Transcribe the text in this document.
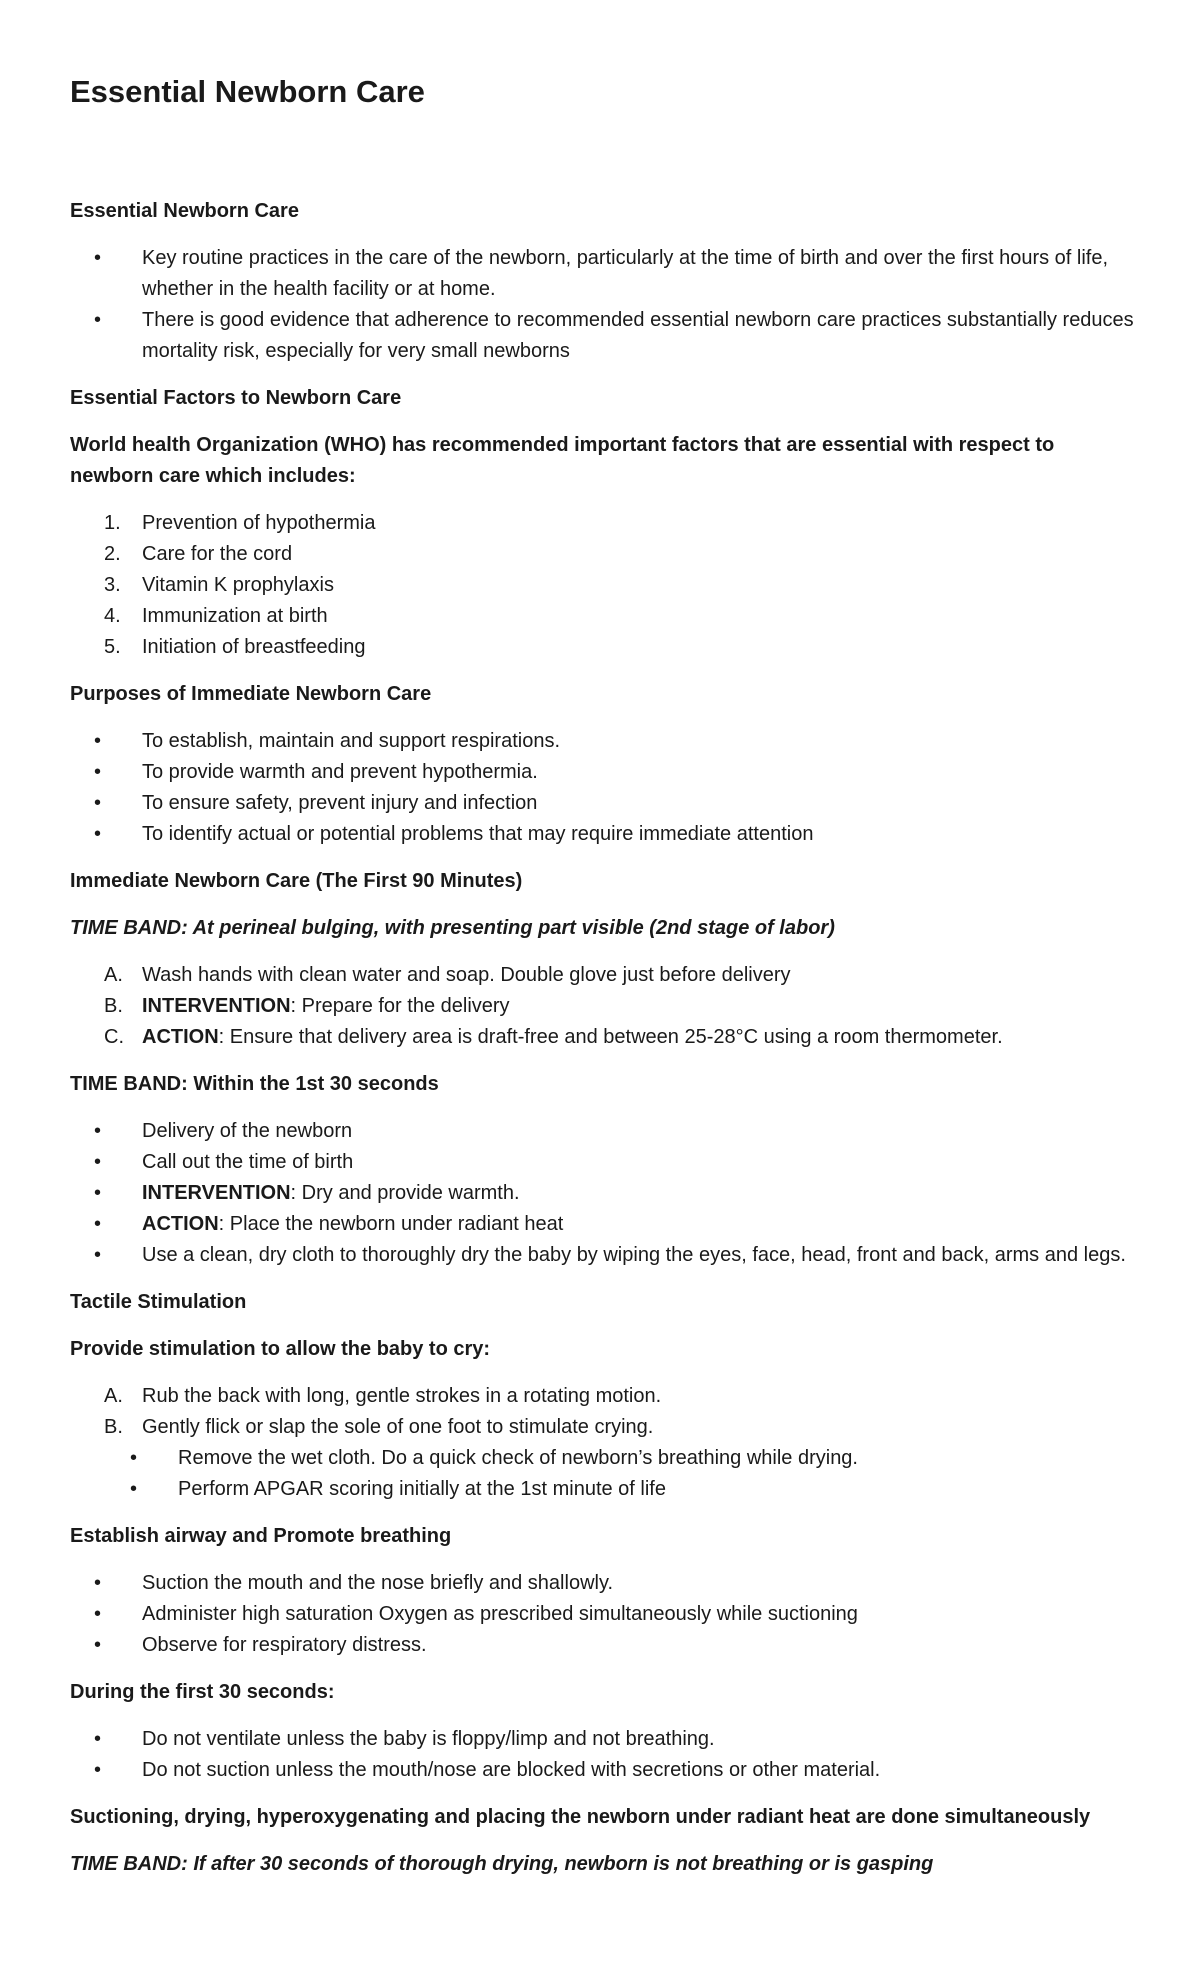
Essential Newborn Care

Essential Newborn Care

• Key routine practices in the care of the newborn, particularly at the time of birth and over the first hours of life, whether in the health facility or at home.
• There is good evidence that adherence to recommended essential newborn care practices substantially reduces mortality risk, especially for very small newborns

Essential Factors to Newborn Care

World health Organization (WHO) has recommended important factors that are essential with respect to newborn care which includes:

1. Prevention of hypothermia
2. Care for the cord
3. Vitamin K prophylaxis
4. Immunization at birth
5. Initiation of breastfeeding

Purposes of Immediate Newborn Care

• To establish, maintain and support respirations.
• To provide warmth and prevent hypothermia.
• To ensure safety, prevent injury and infection
• To identify actual or potential problems that may require immediate attention

Immediate Newborn Care (The First 90 Minutes)

TIME BAND: At perineal bulging, with presenting part visible (2nd stage of labor)

A. Wash hands with clean water and soap. Double glove just before delivery
B. INTERVENTION: Prepare for the delivery
C. ACTION: Ensure that delivery area is draft-free and between 25-28°C using a room thermometer.

TIME BAND: Within the 1st 30 seconds

• Delivery of the newborn
• Call out the time of birth
• INTERVENTION: Dry and provide warmth.
• ACTION: Place the newborn under radiant heat
• Use a clean, dry cloth to thoroughly dry the baby by wiping the eyes, face, head, front and back, arms and legs.

Tactile Stimulation

Provide stimulation to allow the baby to cry:

A. Rub the back with long, gentle strokes in a rotating motion.
B. Gently flick or slap the sole of one foot to stimulate crying.
• Remove the wet cloth. Do a quick check of newborn’s breathing while drying.
• Perform APGAR scoring initially at the 1st minute of life

Establish airway and Promote breathing

• Suction the mouth and the nose briefly and shallowly.
• Administer high saturation Oxygen as prescribed simultaneously while suctioning
• Observe for respiratory distress.

During the first 30 seconds:

• Do not ventilate unless the baby is floppy/limp and not breathing.
• Do not suction unless the mouth/nose are blocked with secretions or other material.

Suctioning, drying, hyperoxygenating and placing the newborn under radiant heat are done simultaneously

TIME BAND: If after 30 seconds of thorough drying, newborn is not breathing or is gasping
